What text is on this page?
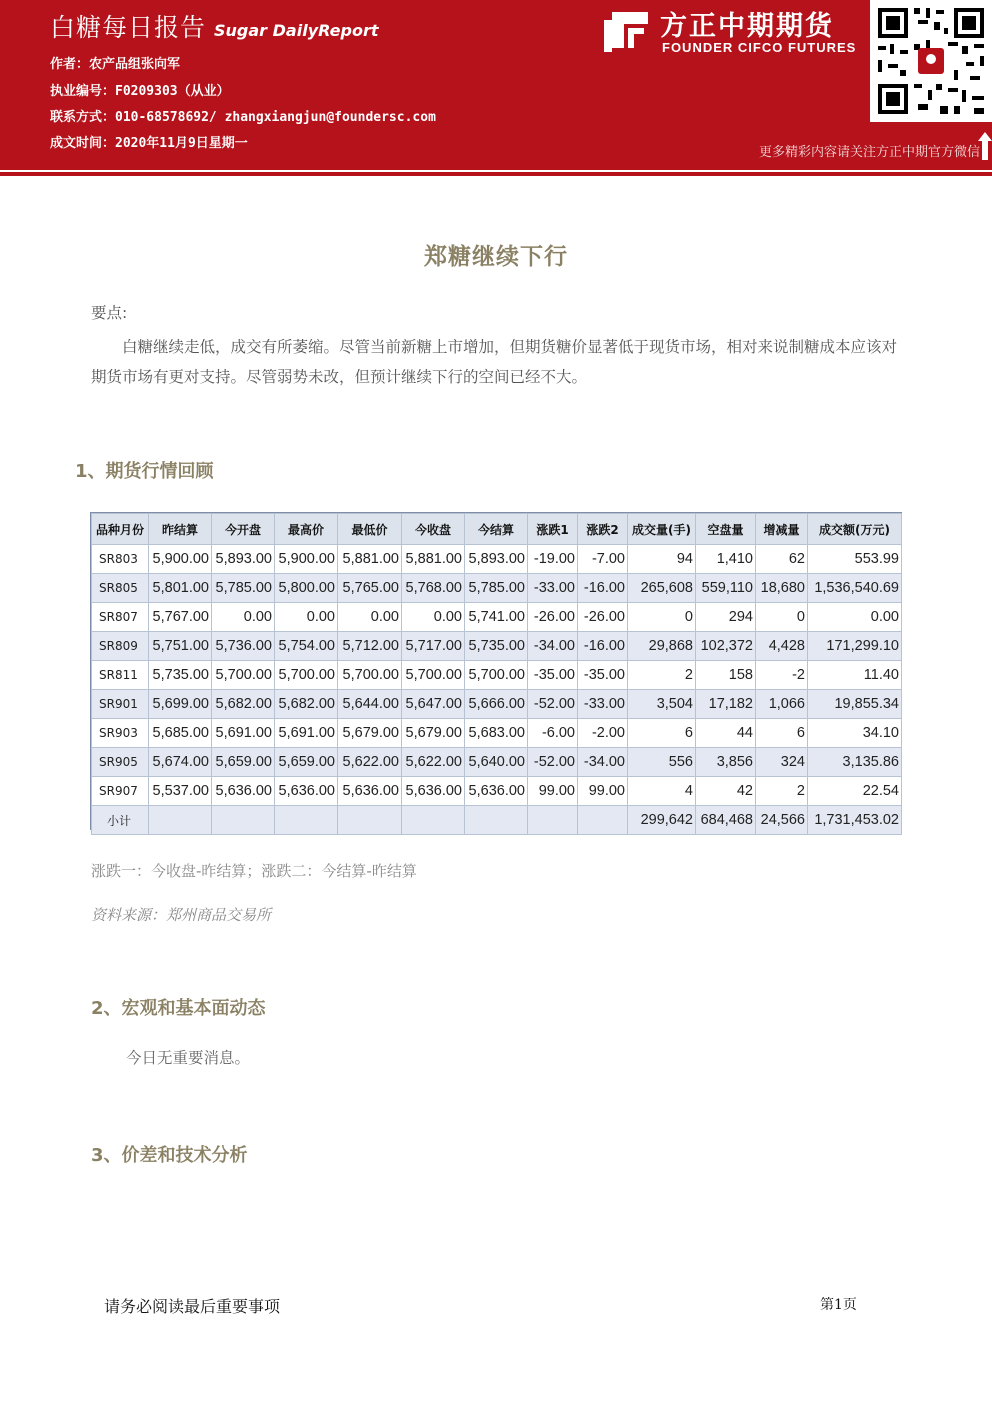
白糖每日报告 Sugar DailyReport
作者：农产品组张向军
执业编号：F0209303（从业）
联系方式：010-68578692/ zhangxiangjun@foundersc.com
成文时间：2020年11月9日星期一
方正中期期货
FOUNDER CIFCO FUTURES
更多精彩内容请关注方正中期官方微信
郑糖继续下行
要点:
白糖继续走低，成交有所萎缩。尽管当前新糖上市增加，但期货糖价显著低于现货市场，相对来说制糖成本应该对期货市场有更对支持。尽管弱势未改，但预计继续下行的空间已经不大。
1、期货行情回顾
品种月份	昨结算	今开盘	最高价	最低价	今收盘	今结算	涨跌1	涨跌2	成交量(手)	空盘量	增减量	成交额(万元)
SR803	5,900.00	5,893.00	5,900.00	5,881.00	5,881.00	5,893.00	-19.00	-7.00	94	1,410	62	553.99
SR805	5,801.00	5,785.00	5,800.00	5,765.00	5,768.00	5,785.00	-33.00	-16.00	265,608	559,110	18,680	1,536,540.69
SR807	5,767.00	0.00	0.00	0.00	0.00	5,741.00	-26.00	-26.00	0	294	0	0.00
SR809	5,751.00	5,736.00	5,754.00	5,712.00	5,717.00	5,735.00	-34.00	-16.00	29,868	102,372	4,428	171,299.10
SR811	5,735.00	5,700.00	5,700.00	5,700.00	5,700.00	5,700.00	-35.00	-35.00	2	158	-2	11.40
SR901	5,699.00	5,682.00	5,682.00	5,644.00	5,647.00	5,666.00	-52.00	-33.00	3,504	17,182	1,066	19,855.34
SR903	5,685.00	5,691.00	5,691.00	5,679.00	5,679.00	5,683.00	-6.00	-2.00	6	44	6	34.10
SR905	5,674.00	5,659.00	5,659.00	5,622.00	5,622.00	5,640.00	-52.00	-34.00	556	3,856	324	3,135.86
SR907	5,537.00	5,636.00	5,636.00	5,636.00	5,636.00	5,636.00	99.00	99.00	4	42	2	22.54
小计									299,642	684,468	24,566	1,731,453.02
涨跌一：今收盘-昨结算；涨跌二：今结算-昨结算
资料来源：郑州商品交易所
2、宏观和基本面动态
今日无重要消息。
3、价差和技术分析
请务必阅读最后重要事项	第1页
